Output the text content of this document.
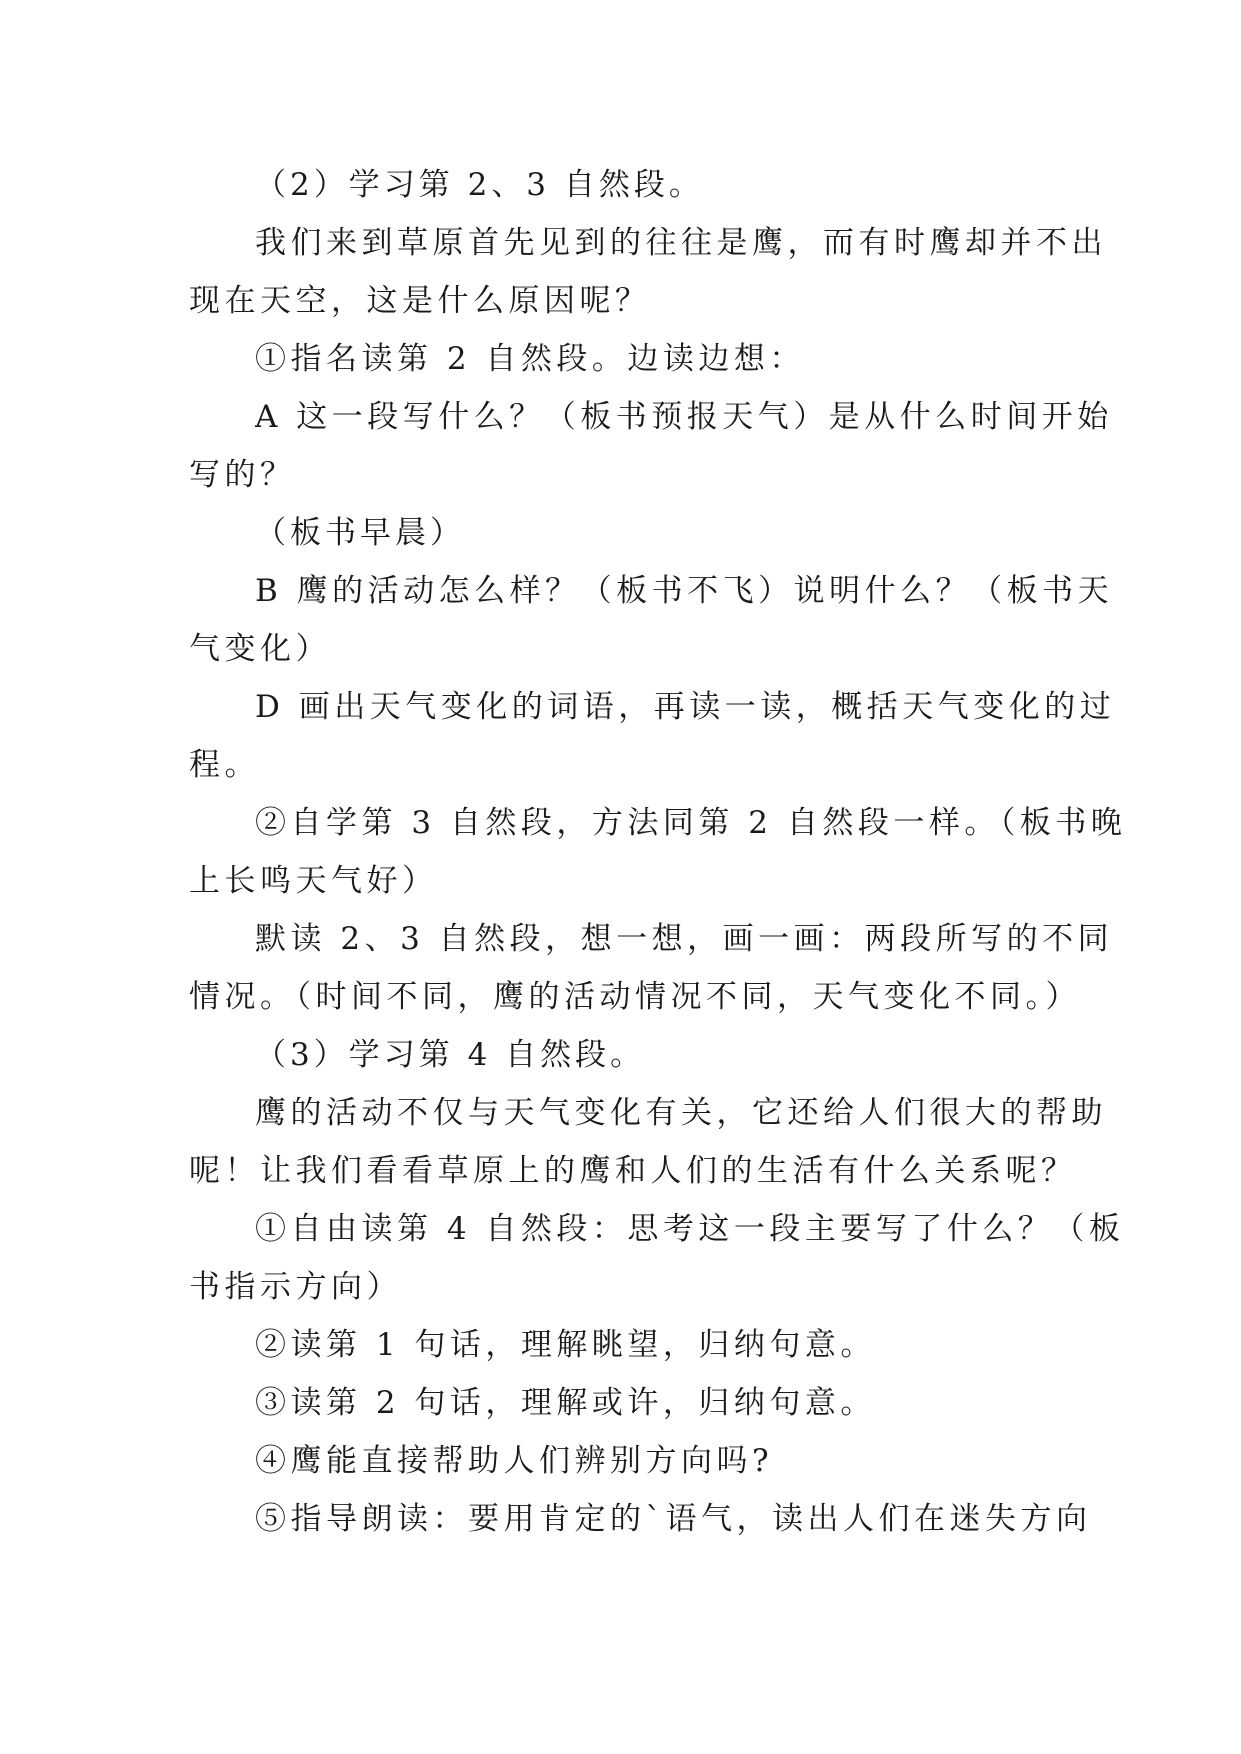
（2）学习第 2、3 自然段。
我们来到草原首先见到的往往是鹰，而有时鹰却并不出
现在天空，这是什么原因呢？
①指名读第 2 自然段。边读边想：
A 这一段写什么？（板书预报天气）是从什么时间开始
写的？
（板书早晨）
B 鹰的活动怎么样？（板书不飞）说明什么？（板书天
气变化）
D 画出天气变化的词语，再读一读，概括天气变化的过
程。
②自学第 3 自然段，方法同第 2 自然段一样。（板书晚
上长鸣天气好）
默读 2、3 自然段，想一想，画一画：两段所写的不同
情况。（时间不同，鹰的活动情况不同，天气变化不同。）
（3）学习第 4 自然段。
鹰的活动不仅与天气变化有关，它还给人们很大的帮助
呢！让我们看看草原上的鹰和人们的生活有什么关系呢？
①自由读第 4 自然段：思考这一段主要写了什么？（板
书指示方向）
②读第 1 句话，理解眺望，归纳句意。
③读第 2 句话，理解或许，归纳句意。
④鹰能直接帮助人们辨别方向吗?
⑤指导朗读：要用肯定的`语气，读出人们在迷失方向
